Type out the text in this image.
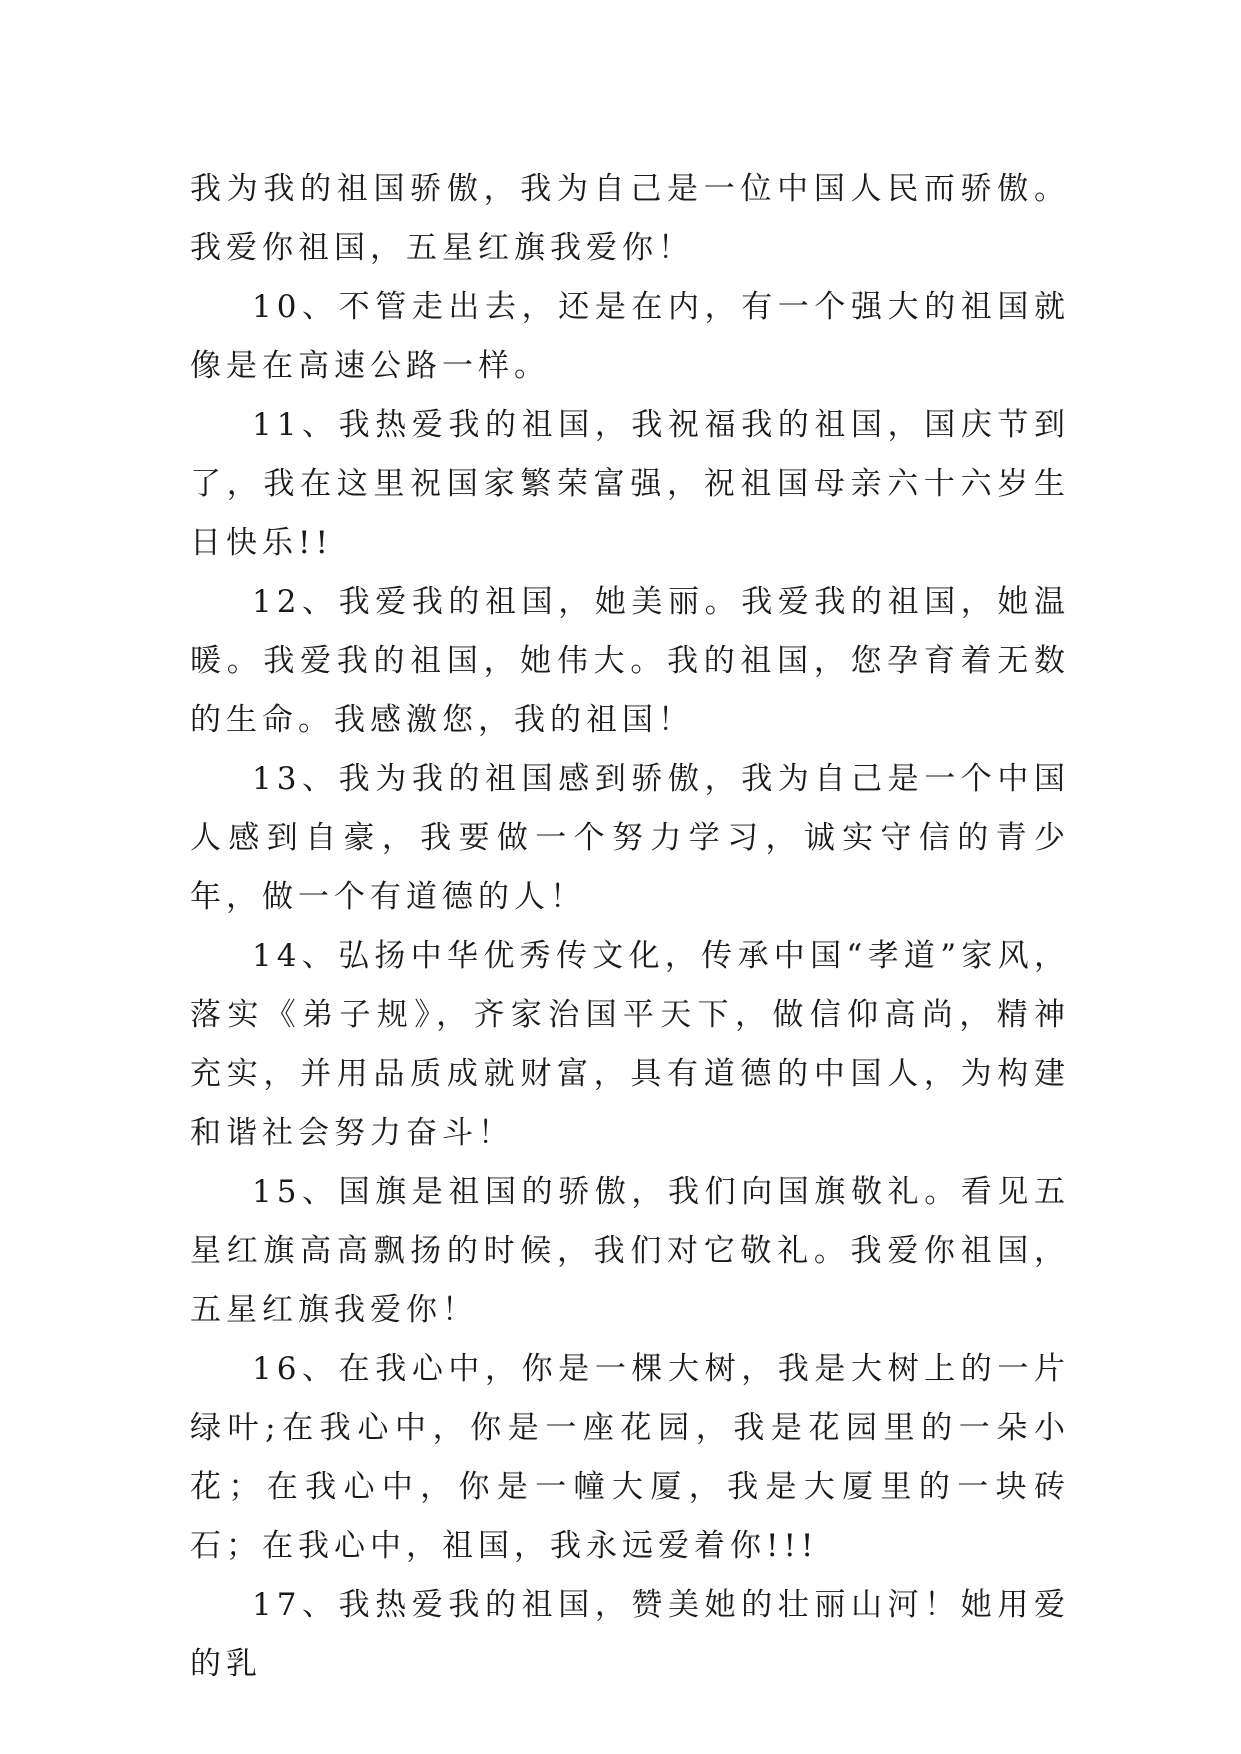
我为我的祖国骄傲，我为自己是一位中国人民而骄傲。我爱你祖国，五星红旗我爱你！

10、不管走出去，还是在内，有一个强大的祖国就像是在高速公路一样。

11、我热爱我的祖国，我祝福我的祖国，国庆节到了，我在这里祝国家繁荣富强，祝祖国母亲六十六岁生日快乐!!

12、我爱我的祖国，她美丽。我爱我的祖国，她温暖。我爱我的祖国，她伟大。我的祖国，您孕育着无数的生命。我感激您，我的祖国！

13、我为我的祖国感到骄傲，我为自己是一个中国人感到自豪，我要做一个努力学习，诚实守信的青少年，做一个有道德的人！

14、弘扬中华优秀传文化，传承中国“孝道”家风，落实《弟子规》，齐家治国平天下，做信仰高尚，精神充实，并用品质成就财富，具有道德的中国人，为构建和谐社会努力奋斗！

15、国旗是祖国的骄傲，我们向国旗敬礼。看见五星红旗高高飘扬的时候，我们对它敬礼。我爱你祖国，五星红旗我爱你！

16、在我心中，你是一棵大树，我是大树上的一片绿叶;在我心中，你是一座花园，我是花园里的一朵小花；在我心中，你是一幢大厦，我是大厦里的一块砖石；在我心中，祖国，我永远爱着你!!!

17、我热爱我的祖国，赞美她的壮丽山河！她用爱的乳
